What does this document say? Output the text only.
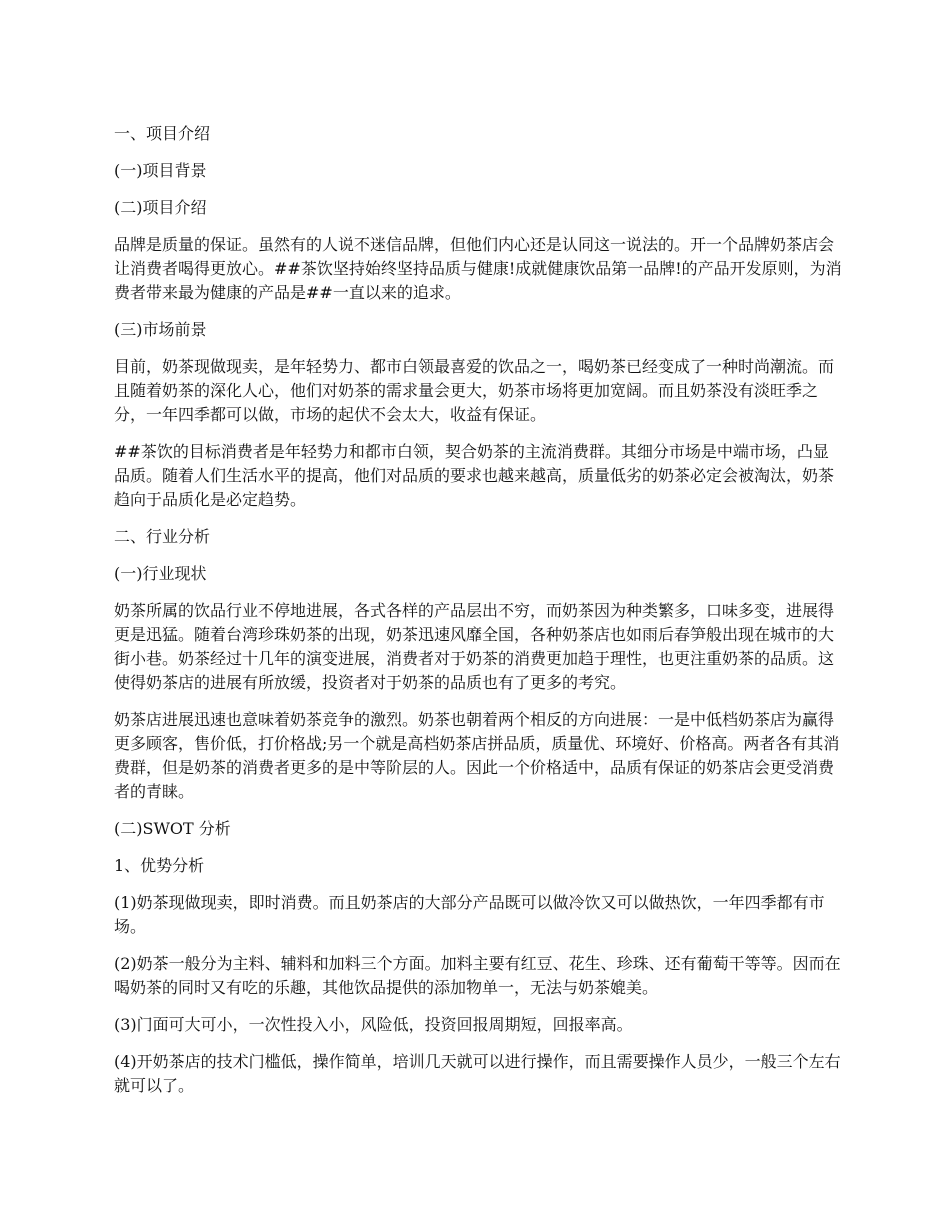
一、项目介绍
(一)项目背景
(二)项目介绍
品牌是质量的保证。虽然有的人说不迷信品牌，但他们内心还是认同这一说法的。开一个品牌奶茶店会让消费者喝得更放心。##茶饮坚持始终坚持品质与健康!成就健康饮品第一品牌!的产品开发原则，为消费者带来最为健康的产品是##一直以来的追求。
(三)市场前景
目前，奶茶现做现卖，是年轻势力、都市白领最喜爱的饮品之一，喝奶茶已经变成了一种时尚潮流。而且随着奶茶的深化人心，他们对奶茶的需求量会更大，奶茶市场将更加宽阔。而且奶茶没有淡旺季之分，一年四季都可以做，市场的起伏不会太大，收益有保证。
##茶饮的目标消费者是年轻势力和都市白领，契合奶茶的主流消费群。其细分市场是中端市场，凸显品质。随着人们生活水平的提高，他们对品质的要求也越来越高，质量低劣的奶茶必定会被淘汰，奶茶趋向于品质化是必定趋势。
二、行业分析
(一)行业现状
奶茶所属的饮品行业不停地进展，各式各样的产品层出不穷，而奶茶因为种类繁多，口味多变，进展得更是迅猛。随着台湾珍珠奶茶的出现，奶茶迅速风靡全国，各种奶茶店也如雨后春笋般出现在城市的大街小巷。奶茶经过十几年的演变进展，消费者对于奶茶的消费更加趋于理性，也更注重奶茶的品质。这使得奶茶店的进展有所放缓，投资者对于奶茶的品质也有了更多的考究。
奶茶店进展迅速也意味着奶茶竞争的激烈。奶茶也朝着两个相反的方向进展：一是中低档奶茶店为赢得更多顾客，售价低，打价格战;另一个就是高档奶茶店拼品质，质量优、环境好、价格高。两者各有其消费群，但是奶茶的消费者更多的是中等阶层的人。因此一个价格适中，品质有保证的奶茶店会更受消费者的青睐。
(二)SWOT 分析
1、优势分析
(1)奶茶现做现卖，即时消费。而且奶茶店的大部分产品既可以做冷饮又可以做热饮，一年四季都有市场。
(2)奶茶一般分为主料、辅料和加料三个方面。加料主要有红豆、花生、珍珠、还有葡萄干等等。因而在喝奶茶的同时又有吃的乐趣，其他饮品提供的添加物单一，无法与奶茶媲美。
(3)门面可大可小，一次性投入小，风险低，投资回报周期短，回报率高。
(4)开奶茶店的技术门槛低，操作简单，培训几天就可以进行操作，而且需要操作人员少，一般三个左右就可以了。
